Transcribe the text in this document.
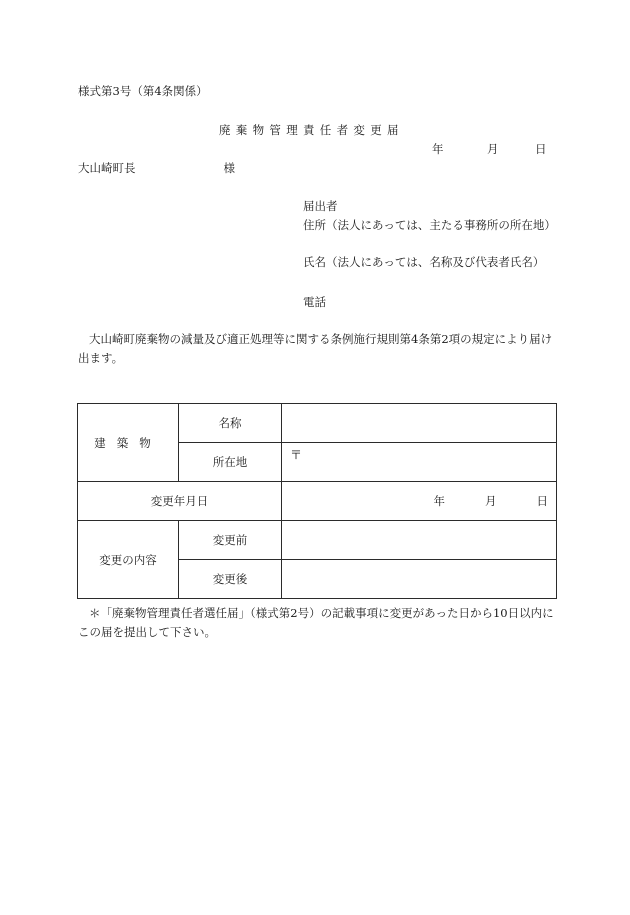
様式第3号（第4条関係）
廃棄物管理責任者変更届
年	月	日
大山崎町長	様
届出者
住所（法人にあっては、主たる事務所の所在地）
氏名（法人にあっては、名称及び代表者氏名）
電話
大山崎町廃棄物の減量及び適正処理等に関する条例施行規則第4条第2項の規定により届け出ます。
建築物	名称	
	所在地	〒
変更年月日		年 月 日

変更の内容	変更前	
	変更後	
＊「廃棄物管理責任者選任届」（様式第2号）の記載事項に変更があった日から10日以内にこの届を提出して下さい。
